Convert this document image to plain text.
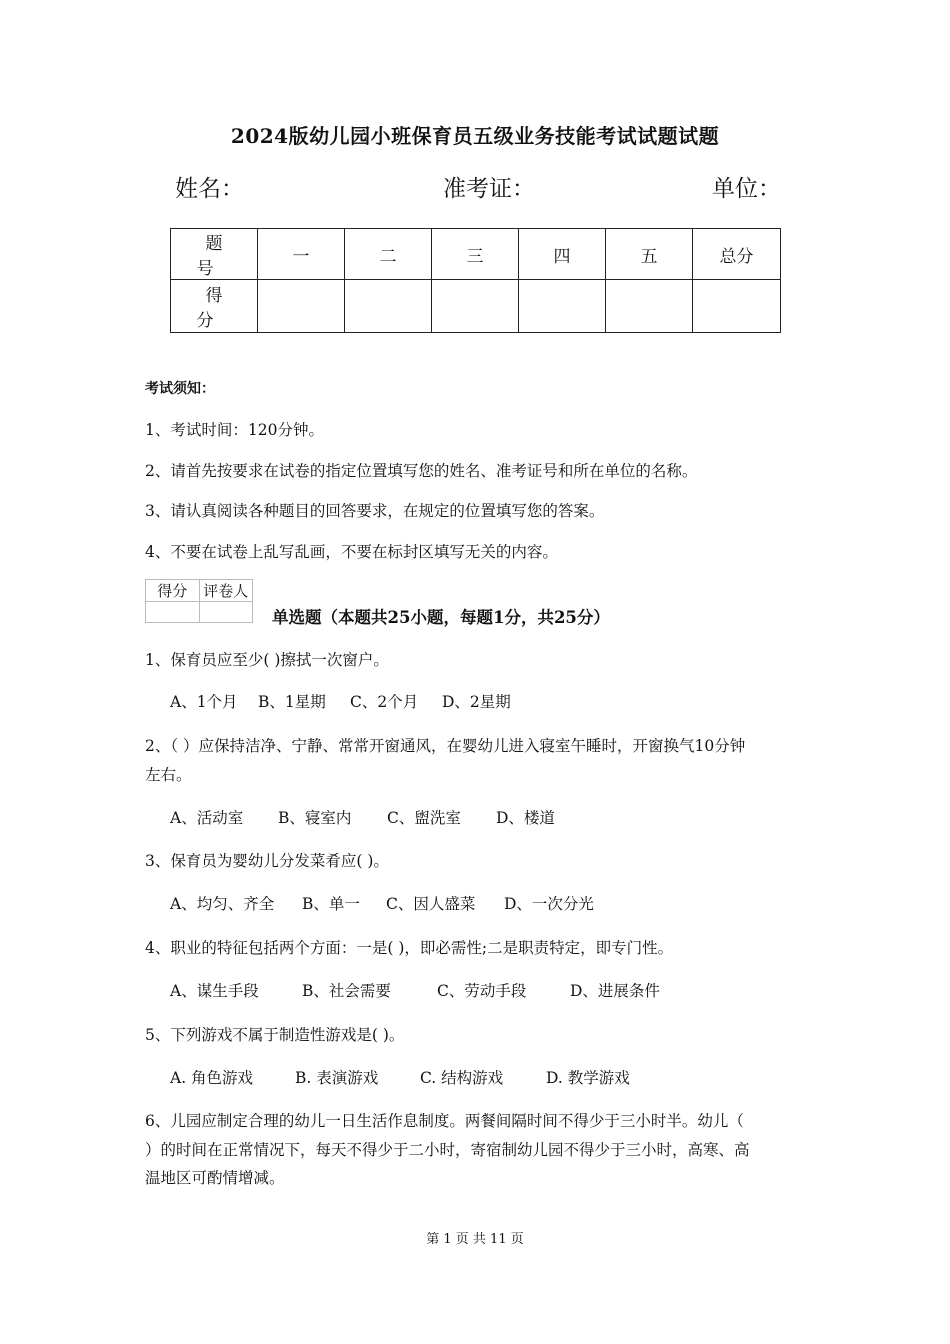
2024版幼儿园小班保育员五级业务技能考试试题试题
姓名：	准考证：	单位：
题号	一	二	三	四	五	总分
得分						
考试须知：
1、考试时间：120分钟。
2、请首先按要求在试卷的指定位置填写您的姓名、准考证号和所在单位的名称。
3、请认真阅读各种题目的回答要求，在规定的位置填写您的答案。
4、不要在试卷上乱写乱画，不要在标封区填写无关的内容。
得分	评卷人

单选题（本题共25小题，每题1分，共25分）
1、保育员应至少( )擦拭一次窗户。
A、1个月 B、1星期 C、2个月 D、2星期
2、（ ）应保持洁净、宁静、常常开窗通风，在婴幼儿进入寝室午睡时，开窗换气10分钟
左右。
A、活动室 B、寝室内 C、盥洗室 D、楼道
3、保育员为婴幼儿分发菜肴应( )。
A、均匀、齐全 B、单一 C、因人盛菜 D、一次分光
4、职业的特征包括两个方面：一是( )，即必需性;二是职责特定，即专门性。
A、谋生手段	B、社会需要	C、劳动手段	D、进展条件
5、下列游戏不属于制造性游戏是( )。
A. 角色游戏	B. 表演游戏	C. 结构游戏	D. 教学游戏
6、儿园应制定合理的幼儿一日生活作息制度。两餐间隔时间不得少于三小时半。幼儿（
）的时间在正常情况下，每天不得少于二小时，寄宿制幼儿园不得少于三小时，高寒、高
温地区可酌情增减。
第 1 页 共 11 页
